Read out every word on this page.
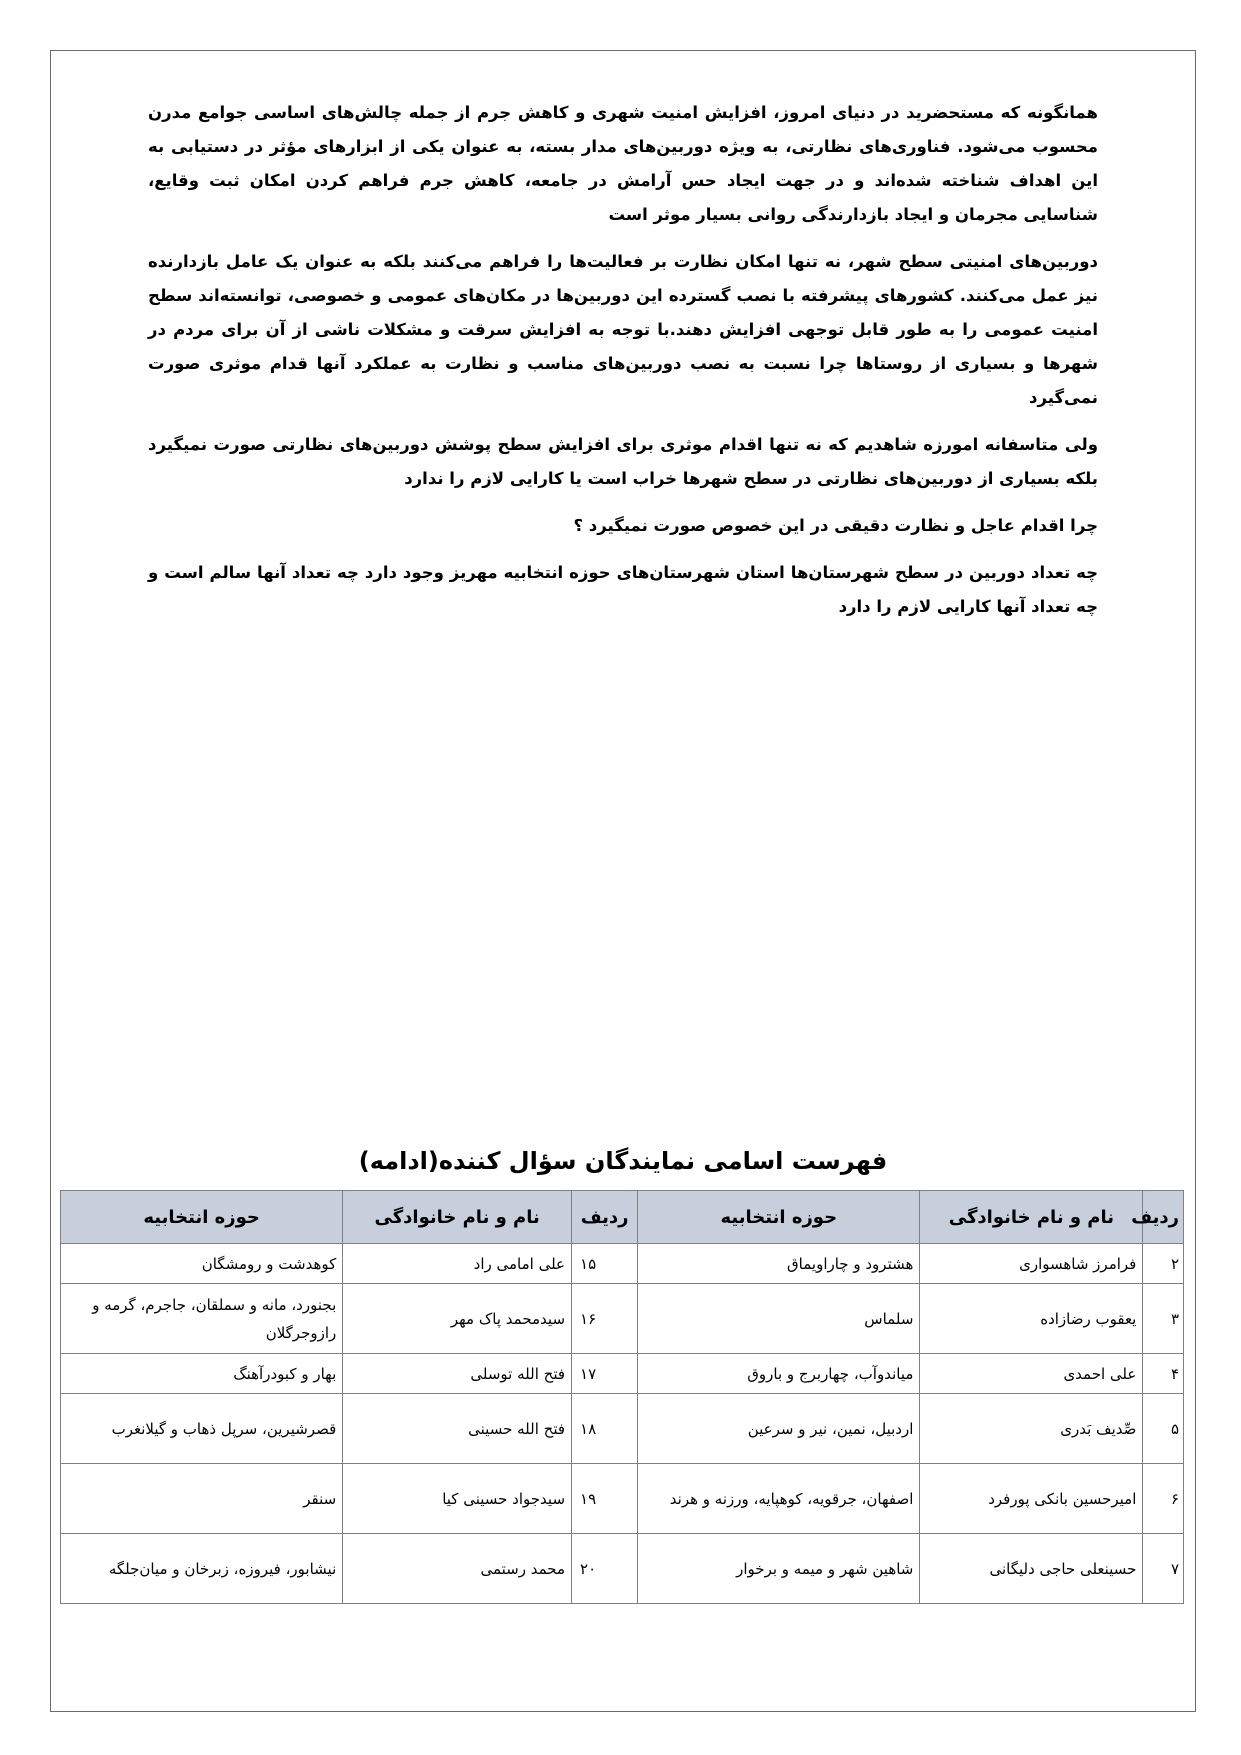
همانگونه که مستحضرید در دنیای امروز، افزایش امنیت شهری و کاهش جرم از جمله چالش‌های اساسی جوامع مدرن محسوب می‌شود. فناوری‌های نظارتی، به ویژه دوربین‌های مدار بسته، به عنوان یکی از ابزارهای مؤثر در دستیابی به این اهداف شناخته شده‌اند و در جهت ایجاد حس آرامش در جامعه، کاهش جرم فراهم کردن امکان ثبت وقایع، شناسایی مجرمان و ایجاد بازدارندگی روانی بسیار موثر است

دوربین‌های امنیتی سطح شهر، نه تنها امکان نظارت بر فعالیت‌ها را فراهم می‌کنند بلکه به عنوان یک عامل بازدارنده نیز عمل می‌کنند. کشورهای پیشرفته با نصب گسترده این دوربین‌ها در مکان‌های عمومی و خصوصی، توانسته‌اند سطح امنیت عمومی را به طور قابل توجهی افزایش دهند.با توجه به افزایش سرقت و مشکلات ناشی از آن برای مردم در شهرها و بسیاری از روستاها چرا نسبت به نصب دوربین‌های مناسب و نظارت به عملکرد آنها قدام موثری صورت نمی‌گیرد

ولی متاسفانه امورزه شاهدیم که نه تنها اقدام موثری برای افزایش سطح پوشش دوربین‌های نظارتی صورت نمیگیرد بلکه بسیاری از دوربین‌های نظارتی در سطح شهرها خراب است یا کارایی لازم را ندارد

چرا اقدام عاجل و نظارت دقیقی در این خصوص صورت نمیگیرد ؟

چه تعداد دوربین در سطح شهرستان‌ها استان شهرستان‌های حوزه انتخابیه مهریز وجود دارد چه تعداد آنها سالم است و چه تعداد آنها کارایی لازم را دارد

فهرست اسامی نمایندگان سؤال کننده(ادامه)
ردیف	نام و نام خانوادگی	حوزه انتخابیه	ردیف	نام و نام خانوادگی	حوزه انتخابیه
۲	فرامرز شاهسواری	هشترود و چاراویماق	۱۵	علی امامی راد	کوهدشت و رومشگان
۳	یعقوب رضازاده	سلماس	۱۶	سیدمحمد پاک مهر	بجنورد، مانه و سملقان، جاجرم، گرمه و رازوجرگلان
۴	علی احمدی	میاندوآب، چهاربرج و باروق	۱۷	فتح الله توسلی	بهار و کبودرآهنگ
۵	صِّدیف بَدری	اردبیل، نمین، نیر و سرعین	۱۸	فتح الله حسینی	قصرشیرین، سرپل ذهاب و گیلانغرب
۶	امیرحسین بانکی پورفرد	اصفهان، جرقویه، کوهپایه، ورزنه و هرند	۱۹	سیدجواد حسینی کیا	سنقر
۷	حسینعلی حاجی دلیگانی	شاهین شهر و میمه و برخوار	۲۰	محمد رستمی	نیشابور، فیروزه، زبرخان و میان‌جلگه
